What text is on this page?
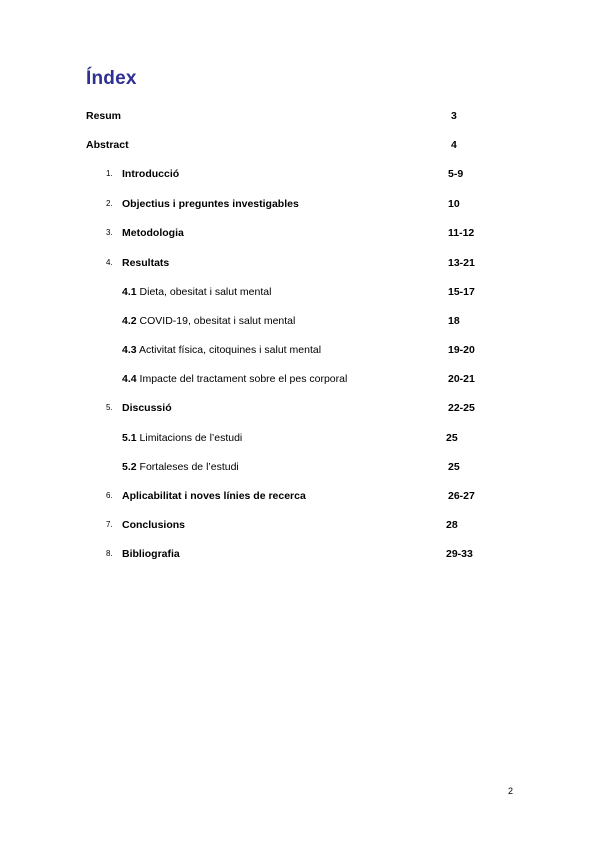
Índex
Resum	3
Abstract	4
1. Introducció	5-9
2. Objectius i preguntes investigables	10
3. Metodologia	11-12
4. Resultats	13-21
4.1 Dieta, obesitat i salut mental	15-17
4.2 COVID-19, obesitat i salut mental	18
4.3 Activitat física, citoquines i salut mental	19-20
4.4 Impacte del tractament sobre el pes corporal	20-21
5. Discussió	22-25
5.1 Limitacions de l’estudi	25
5.2 Fortaleses de l’estudi	25
6. Aplicabilitat i noves línies de recerca	26-27
7. Conclusions	28
8. Bibliografia	29-33
2
